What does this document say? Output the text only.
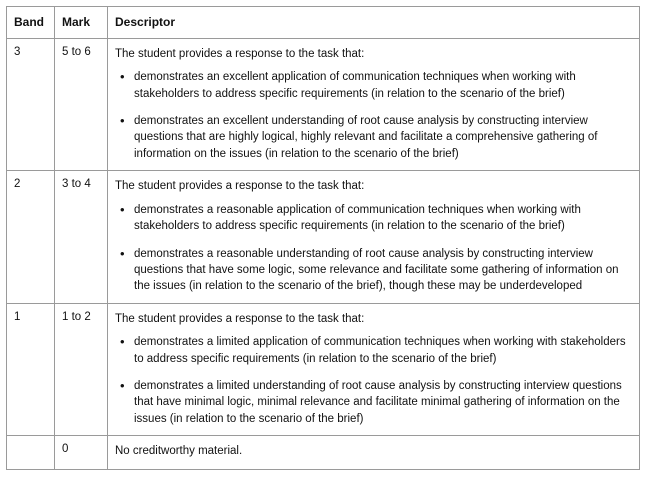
Band	Mark	Descriptor
3	5 to 6	The student provides a response to the task that:

• demonstrates an excellent application of communication techniques when working with stakeholders to address specific requirements (in relation to the scenario of the brief)
• demonstrates an excellent understanding of root cause analysis by constructing interview questions that are highly logical, highly relevant and facilitate a comprehensive gathering of information on the issues (in relation to the scenario of the brief)

2	3 to 4	The student provides a response to the task that:

• demonstrates a reasonable application of communication techniques when working with stakeholders to address specific requirements (in relation to the scenario of the brief)
• demonstrates a reasonable understanding of root cause analysis by constructing interview questions that have some logic, some relevance and facilitate some gathering of information on the issues (in relation to the scenario of the brief), though these may be underdeveloped

1	1 to 2	The student provides a response to the task that:

• demonstrates a limited application of communication techniques when working with stakeholders to address specific requirements (in relation to the scenario of the brief)
• demonstrates a limited understanding of root cause analysis by constructing interview questions that have minimal logic, minimal relevance and facilitate minimal gathering of information on the issues (in relation to the scenario of the brief)

	0	No creditworthy material.
